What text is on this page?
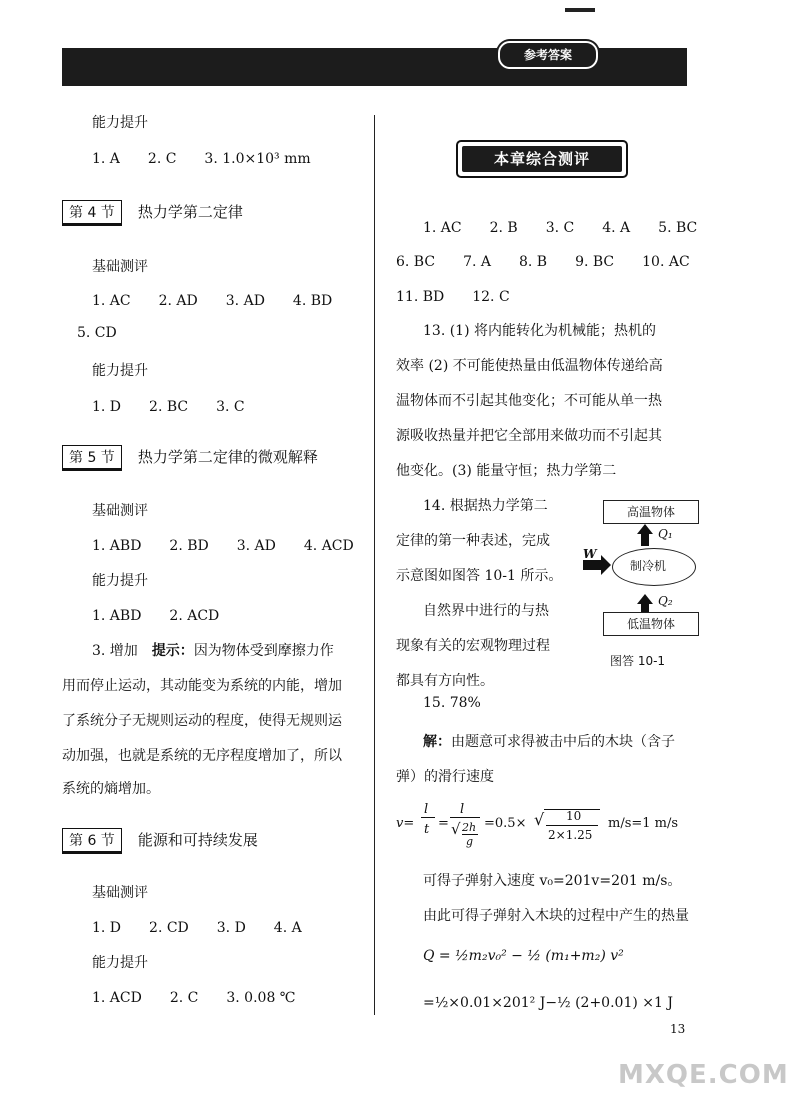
参考答案
能力提升
1. A　　2. C　　3. 1.0×10³ mm
第 4 节 热力学第二定律
基础测评
1. AC　　2. AD　　3. AD　　4. BD
5. CD
能力提升
1. D　　2. BC　　3. C
第 5 节 热力学第二定律的微观解释
基础测评
1. ABD　　2. BD　　3. AD　　4. ACD
能力提升
1. ABD　　2. ACD
3. 增加　 提示：因为物体受到摩擦力作
用而停止运动，其动能变为系统的内能，增加
了系统分子无规则运动的程度，使得无规则运
动加强，也就是系统的无序程度增加了，所以
系统的熵增加。
第 6 节 能源和可持续发展
基础测评
1. D　　2. CD　　3. D　　4. A
能力提升
1. ACD　　2. C　　3. 0.08 ℃
本章综合测评
1. AC　　2. B　　3. C　　4. A　　5. BC
6. BC　　7. A　　8. B　　9. BC　　10. AC
11. BD　　12. C
13. (1) 将内能转化为机械能；热机的
效率 (2) 不可能使热量由低温物体传递给高
温物体而不引起其他变化；不可能从单一热
源吸收热量并把它全部用来做功而不引起其
他变化。(3) 能量守恒；热力学第二
14. 根据热力学第二
定律的第一种表述，完成
示意图如图答 10-1 所示。
自然界中进行的与热
现象有关的宏观物理过程
都具有方向性。
高温物体
制冷机
低温物体
Q₁
Q₂
W
图答 10-1
15. 78%
解：由题意可求得被击中后的木块（含子
弹）的滑行速度
v=
l
t =
l
√ 2h
g
=0.5× √ 10
2×1.25
m/s=1 m/s
可得子弹射入速度 v₀=201v=201 m/s。
由此可得子弹射入木块的过程中产生的热量
Q = ½m₂v₀² − ½ (m₁+m₂) v²
=½×0.01×201² J−½ (2+0.01) ×1 J
13
MXQE.COM
